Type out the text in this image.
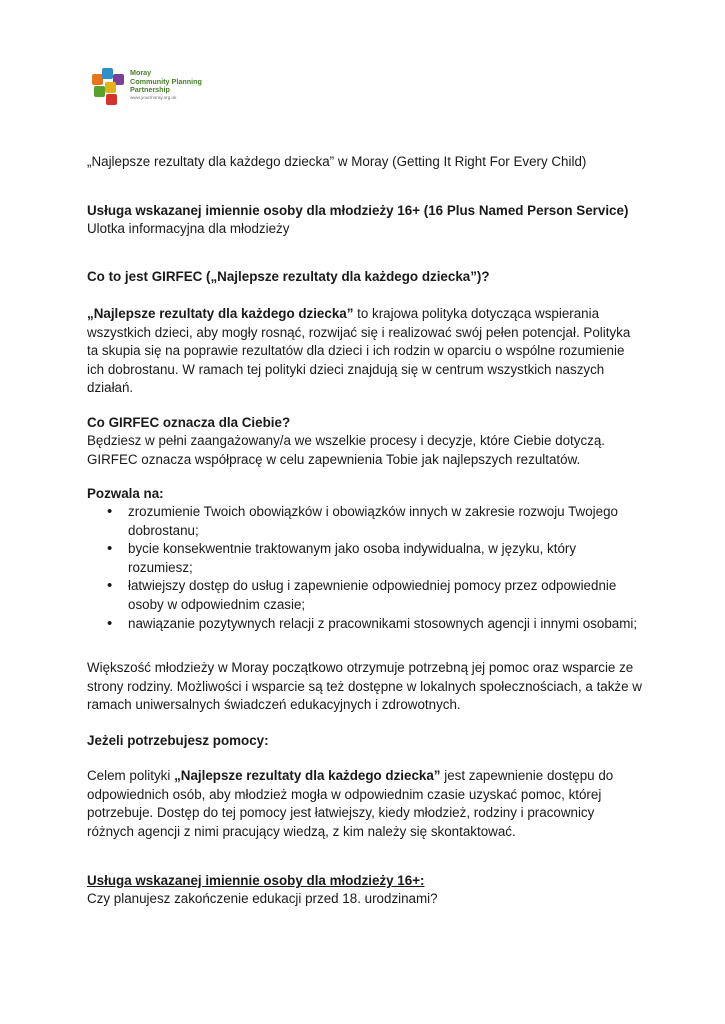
Moray
Community Planning
Partnership
www.yourmoray.org.uk

„Najlepsze rezultaty dla każdego dziecka” w Moray (Getting It Right For Every Child)

Usługa wskazanej imiennie osoby dla młodzieży 16+ (16 Plus Named Person Service)

Ulotka informacyjna dla młodzieży

Co to jest GIRFEC („Najlepsze rezultaty dla każdego dziecka”)?

„Najlepsze rezultaty dla każdego dziecka” to krajowa polityka dotycząca wspierania wszystkich dzieci, aby mogły rosnąć, rozwijać się i realizować swój pełen potencjał. Polityka ta skupia się na poprawie rezultatów dla dzieci i ich rodzin w oparciu o wspólne rozumienie ich dobrostanu. W ramach tej polityki dzieci znajdują się w centrum wszystkich naszych działań.

Co GIRFEC oznacza dla Ciebie?

Będziesz w pełni zaangażowany/a we wszelkie procesy i decyzje, które Ciebie dotyczą. GIRFEC oznacza współpracę w celu zapewnienia Tobie jak najlepszych rezultatów.

Pozwala na:

• zrozumienie Twoich obowiązków i obowiązków innych w zakresie rozwoju Twojego dobrostanu;
• bycie konsekwentnie traktowanym jako osoba indywidualna, w języku, który rozumiesz;
• łatwiejszy dostęp do usług i zapewnienie odpowiedniej pomocy przez odpowiednie osoby w odpowiednim czasie;
• nawiązanie pozytywnych relacji z pracownikami stosownych agencji i innymi osobami;

Większość młodzieży w Moray początkowo otrzymuje potrzebną jej pomoc oraz wsparcie ze strony rodziny. Możliwości i wsparcie są też dostępne w lokalnych społecznościach, a także w ramach uniwersalnych świadczeń edukacyjnych i zdrowotnych.

Jeżeli potrzebujesz pomocy:

Celem polityki „Najlepsze rezultaty dla każdego dziecka” jest zapewnienie dostępu do odpowiednich osób, aby młodzież mogła w odpowiednim czasie uzyskać pomoc, której potrzebuje. Dostęp do tej pomocy jest łatwiejszy, kiedy młodzież, rodziny i pracownicy różnych agencji z nimi pracujący wiedzą, z kim należy się skontaktować.

Usługa wskazanej imiennie osoby dla młodzieży 16+:

Czy planujesz zakończenie edukacji przed 18. urodzinami?
